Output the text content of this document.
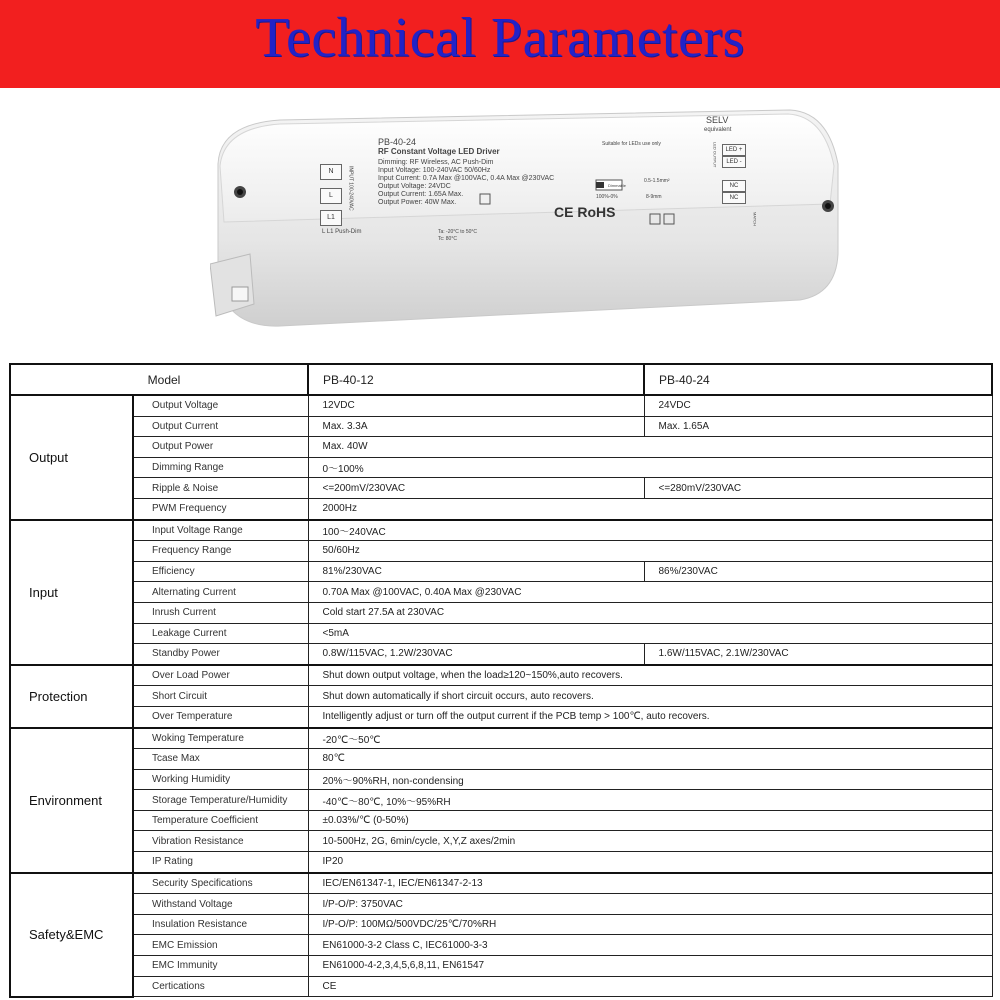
Technical Parameters
PB-40-24
RF Constant Voltage LED Driver
Dimming: RF Wireless, AC Push-Dim
Input Voltage: 100-240VAC 50/60Hz
Input Current: 0.7A Max @100VAC, 0.4A Max @230VAC
Output Voltage: 24VDC
Output Current: 1.65A Max.
Output Power: 40W Max.
SELV
equivalent
Suitable for LEDs use only
N
L
L1
INPUT 100-240VAC
L L1 Push-Dim	Ta: -20°C to 50°C
Tc: 80°C
Dimmable
100%-0%
0.5-1.5mm²
8-9mm
LED +
LED -
LED OUTPUT
NC
NC
MATCH
CE RoHS
Model		PB-40-12	PB-40-24
Output	Output Voltage	12VDC	24VDC
	Output Current	Max. 3.3A	Max. 1.65A
	Output Power	Max. 40W	
	Dimming Range	0～100%	
	Ripple & Noise	<=200mV/230VAC	<=280mV/230VAC
	PWM Frequency	2000Hz	
Input	Input Voltage Range	100～240VAC	
	Frequency Range	50/60Hz	
	Efficiency	81%/230VAC	86%/230VAC
	Alternating Current	0.70A Max @100VAC, 0.40A Max @230VAC	
	Inrush Current	Cold start 27.5A at 230VAC	
	Leakage Current	<5mA	
	Standby Power	0.8W/115VAC, 1.2W/230VAC	1.6W/115VAC, 2.1W/230VAC
Protection	Over Load Power	Shut down output voltage, when the load≥120~150%,auto recovers.	
	Short Circuit	Shut down automatically if short circuit occurs, auto recovers.	
	Over Temperature	Intelligently adjust or turn off the output current if the PCB temp > 100℃, auto recovers.	
Environment	Woking Temperature	-20℃～50℃	
	Tcase Max	80℃	
	Working Humidity	20%～90%RH, non-condensing	
	Storage Temperature/Humidity	-40℃～80℃, 10%～95%RH	
	Temperature Coefficient	±0.03%/℃ (0-50%)	
	Vibration Resistance	10-500Hz, 2G, 6min/cycle, X,Y,Z axes/2min	
	IP Rating	IP20	
Safety&EMC	Security Specifications	IEC/EN61347-1, IEC/EN61347-2-13	
	Withstand Voltage	I/P-O/P: 3750VAC	
	Insulation Resistance	I/P-O/P: 100MΩ/500VDC/25℃/70%RH	
	EMC Emission	EN61000-3-2 Class C, IEC61000-3-3	
	EMC Immunity	EN61000-4-2,3,4,5,6,8,11, EN61547	
	Certications	CE	
